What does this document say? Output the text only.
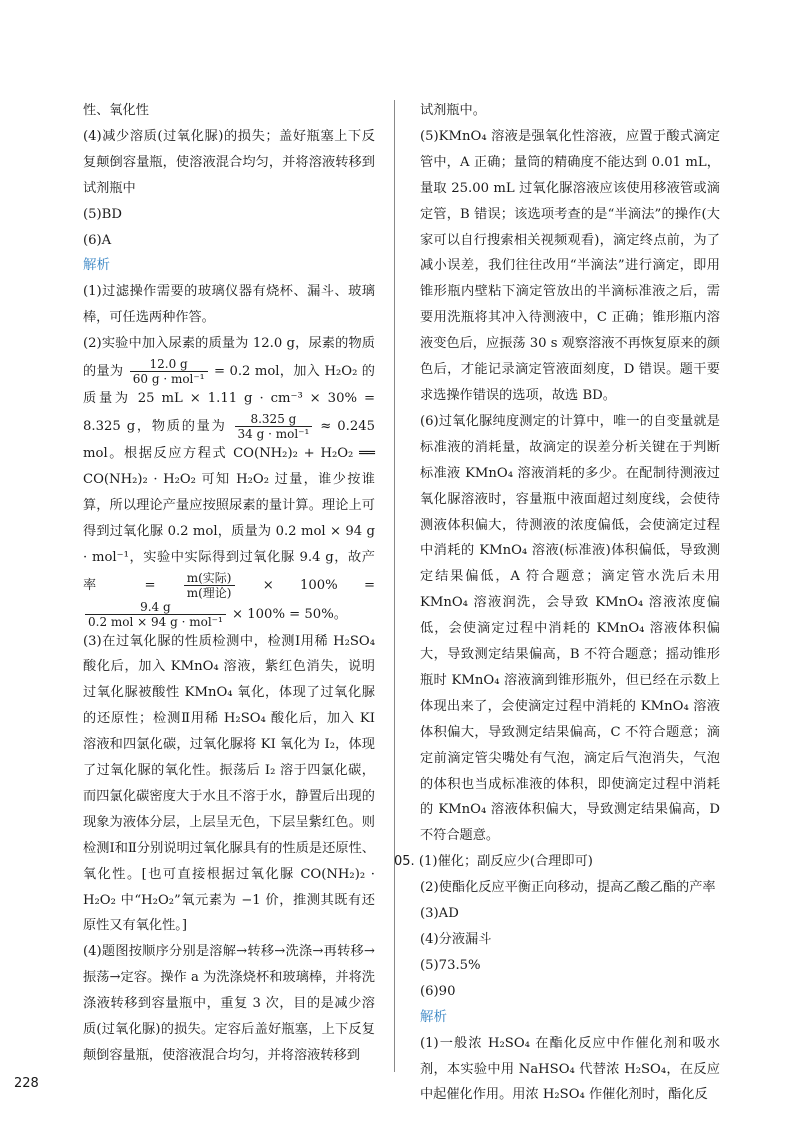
性、氧化性

(4)减少溶质(过氧化脲)的损失；盖好瓶塞上下反复颠倒容量瓶，使溶液混合均匀，并将溶液转移到试剂瓶中

(5)BD

(6)A

解析

(1)过滤操作需要的玻璃仪器有烧杯、漏斗、玻璃棒，可任选两种作答。

(2)实验中加入尿素的质量为 12.0 g，尿素的物质的量为 $\frac{12.0 g}{\text{60 g · mol⁻¹}} = 0.2$ mol，加入 H₂O₂ 的质量为 25 mL × 1.11 g · cm⁻³ × 30% = 8.325 g，物质的量为 $\frac{8.325 g}{\text{34 g · mol⁻¹}} \approx 0.245$ mol。根据反应方程式 CO(NH₂)₂ + H₂O₂ ══ CO(NH₂)₂ · H₂O₂ 可知 H₂O₂ 过量，谁少按谁算，所以理论产量应按照尿素的量计算。理论上可得到过氧化脲 0.2 mol，质量为 0.2 mol × 94 g · mol⁻¹，实验中实际得到过氧化脲 9.4 g，故产率 = $\frac{\text{m(实际)}}{\text{m(理论)}} \times 100\%$ =
$\frac{9.4 g}{\text{0.2 mol × 94 g · mol⁻¹}} \times 100\% = 50\%$。

(3)在过氧化脲的性质检测中，检测Ⅰ用稀 H₂SO₄ 酸化后，加入 KMnO₄ 溶液，紫红色消失，说明过氧化脲被酸性 KMnO₄ 氧化，体现了过氧化脲的还原性；检测Ⅱ用稀 H₂SO₄ 酸化后，加入 KI 溶液和四氯化碳，过氧化脲将 KI 氧化为 I₂，体现了过氧化脲的氧化性。振荡后 I₂ 溶于四氯化碳，而四氯化碳密度大于水且不溶于水，静置后出现的现象为液体分层，上层呈无色，下层呈紫红色。则检测Ⅰ和Ⅱ分别说明过氧化脲具有的性质是还原性、氧化性。[也可直接根据过氧化脲 CO(NH₂)₂ · H₂O₂ 中“H₂O₂”氧元素为 −1 价，推测其既有还原性又有氧化性。]

(4)题图按顺序分别是溶解→转移→洗涤→再转移→振荡→定容。操作 a 为洗涤烧杯和玻璃棒，并将洗涤液转移到容量瓶中，重复 3 次，目的是减少溶质(过氧化脲)的损失。定容后盖好瓶塞，上下反复颠倒容量瓶，使溶液混合均匀，并将溶液转移到

试剂瓶中。

(5)KMnO₄ 溶液是强氧化性溶液，应置于酸式滴定管中，A 正确；量筒的精确度不能达到 0.01 mL，量取 25.00 mL 过氧化脲溶液应该使用移液管或滴定管，B 错误；该选项考查的是“半滴法”的操作(大家可以自行搜索相关视频观看)，滴定终点前，为了减小误差，我们往往改用“半滴法”进行滴定，即用锥形瓶内壁粘下滴定管放出的半滴标准液之后，需要用洗瓶将其冲入待测液中，C 正确；锥形瓶内溶液变色后，应振荡 30 s 观察溶液不再恢复原来的颜色后，才能记录滴定管液面刻度，D 错误。题干要求选操作错误的选项，故选 BD。

(6)过氧化脲纯度测定的计算中，唯一的自变量就是标准液的消耗量，故滴定的误差分析关键在于判断标准液 KMnO₄ 溶液消耗的多少。在配制待测液过氧化脲溶液时，容量瓶中液面超过刻度线，会使待测液体积偏大，待测液的浓度偏低，会使滴定过程中消耗的 KMnO₄ 溶液(标准液)体积偏低，导致测定结果偏低，A 符合题意；滴定管水洗后未用 KMnO₄ 溶液润洗，会导致 KMnO₄ 溶液浓度偏低，会使滴定过程中消耗的 KMnO₄ 溶液体积偏大，导致测定结果偏高，B 不符合题意；摇动锥形瓶时 KMnO₄ 溶液滴到锥形瓶外，但已经在示数上体现出来了，会使滴定过程中消耗的 KMnO₄ 溶液体积偏大，导致测定结果偏高，C 不符合题意；滴定前滴定管尖嘴处有气泡，滴定后气泡消失，气泡的体积也当成标准液的体积，即使滴定过程中消耗的 KMnO₄ 溶液体积偏大，导致测定结果偏高，D 不符合题意。

05. (1)催化；副反应少(合理即可)

(2)使酯化反应平衡正向移动，提高乙酸乙酯的产率

(3)AD

(4)分液漏斗

(5)73.5%

(6)90

解析

(1)一般浓 H₂SO₄ 在酯化反应中作催化剂和吸水剂，本实验中用 NaHSO₄ 代替浓 H₂SO₄，在反应中起催化作用。用浓 H₂SO₄ 作催化剂时，酯化反

228
